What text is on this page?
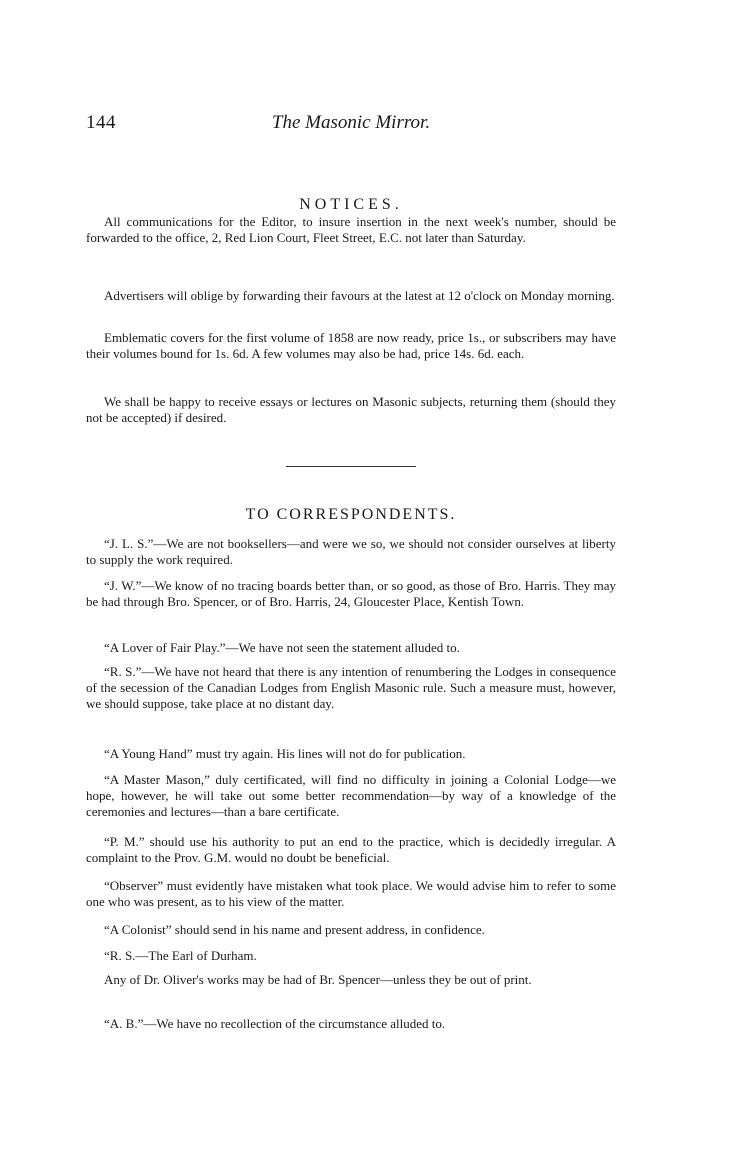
144	The Masonic Mirror.
NOTICES.

All communications for the Editor, to insure insertion in the next week's number, should be forwarded to the office, 2, Red Lion Court, Fleet Street, E.C. not later than Saturday.

Advertisers will oblige by forwarding their favours at the latest at 12 o'clock on Monday morning.

Emblematic covers for the first volume of 1858 are now ready, price 1s., or subscribers may have their volumes bound for 1s. 6d. A few volumes may also be had, price 14s. 6d. each.

We shall be happy to receive essays or lectures on Masonic subjects, returning them (should they not be accepted) if desired.

TO CORRESPONDENTS.

“J. L. S.”—We are not booksellers—and were we so, we should not consider ourselves at liberty to supply the work required.

“J. W.”—We know of no tracing boards better than, or so good, as those of Bro. Harris. They may be had through Bro. Spencer, or of Bro. Harris, 24, Gloucester Place, Kentish Town.

“A Lover of Fair Play.”—We have not seen the statement alluded to.

“R. S.”—We have not heard that there is any intention of renumbering the Lodges in consequence of the secession of the Canadian Lodges from English Masonic rule. Such a measure must, however, we should suppose, take place at no distant day.

“A Young Hand” must try again. His lines will not do for publication.

“A Master Mason,” duly certificated, will find no difficulty in joining a Colonial Lodge—we hope, however, he will take out some better recommendation—by way of a knowledge of the ceremonies and lectures—than a bare certificate.

“P. M.” should use his authority to put an end to the practice, which is decidedly irregular. A complaint to the Prov. G.M. would no doubt be beneficial.

“Observer” must evidently have mistaken what took place. We would advise him to refer to some one who was present, as to his view of the matter.

“A Colonist” should send in his name and present address, in confidence.

“R. S.—The Earl of Durham.

Any of Dr. Oliver's works may be had of Br. Spencer—unless they be out of print.

“A. B.”—We have no recollection of the circumstance alluded to.
